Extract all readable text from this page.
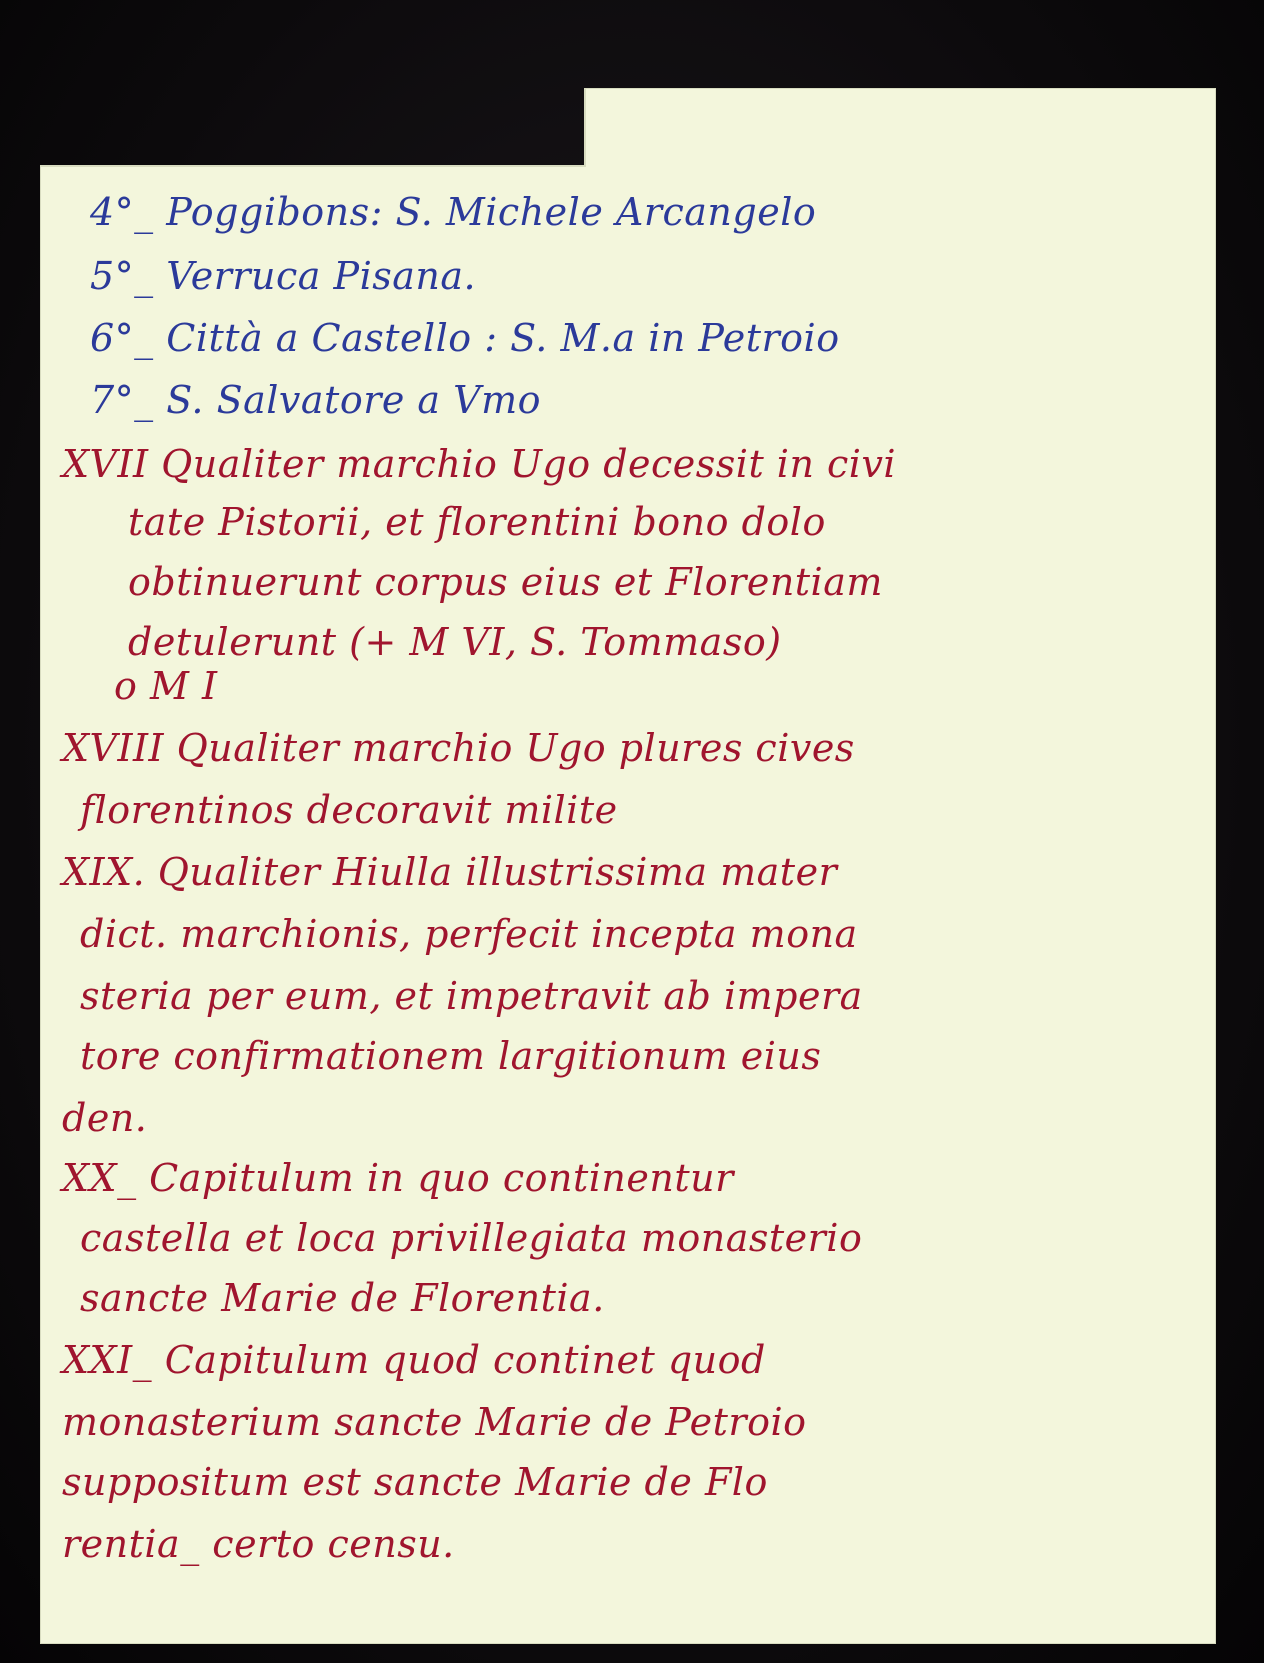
4°_ Poggibons: S. Michele Arcangelo
5°_ Verruca Pisana.
6°_ Città a Castello : S. M.a in Petroio
7°_ S. Salvatore a Vmo
XVII Qualiter marchio Ugo decessit in civi
tate Pistorii, et florentini bono dolo
obtinuerunt corpus eius et Florentiam
detulerunt (+ M VI, S. Tommaso)
o M I
XVIII Qualiter marchio Ugo plures cives
florentinos decoravit milite
XIX. Qualiter Hiulla illustrissima mater
dict. marchionis, perfecit incepta mona
steria per eum, et impetravit ab impera
tore confirmationem largitionum eius
den.
XX_ Capitulum in quo continentur
castella et loca privillegiata monasterio
sancte Marie de Florentia.
XXI_ Capitulum quod continet quod
monasterium sancte Marie de Petroio
suppositum est sancte Marie de Flo
rentia_ certo censu.
